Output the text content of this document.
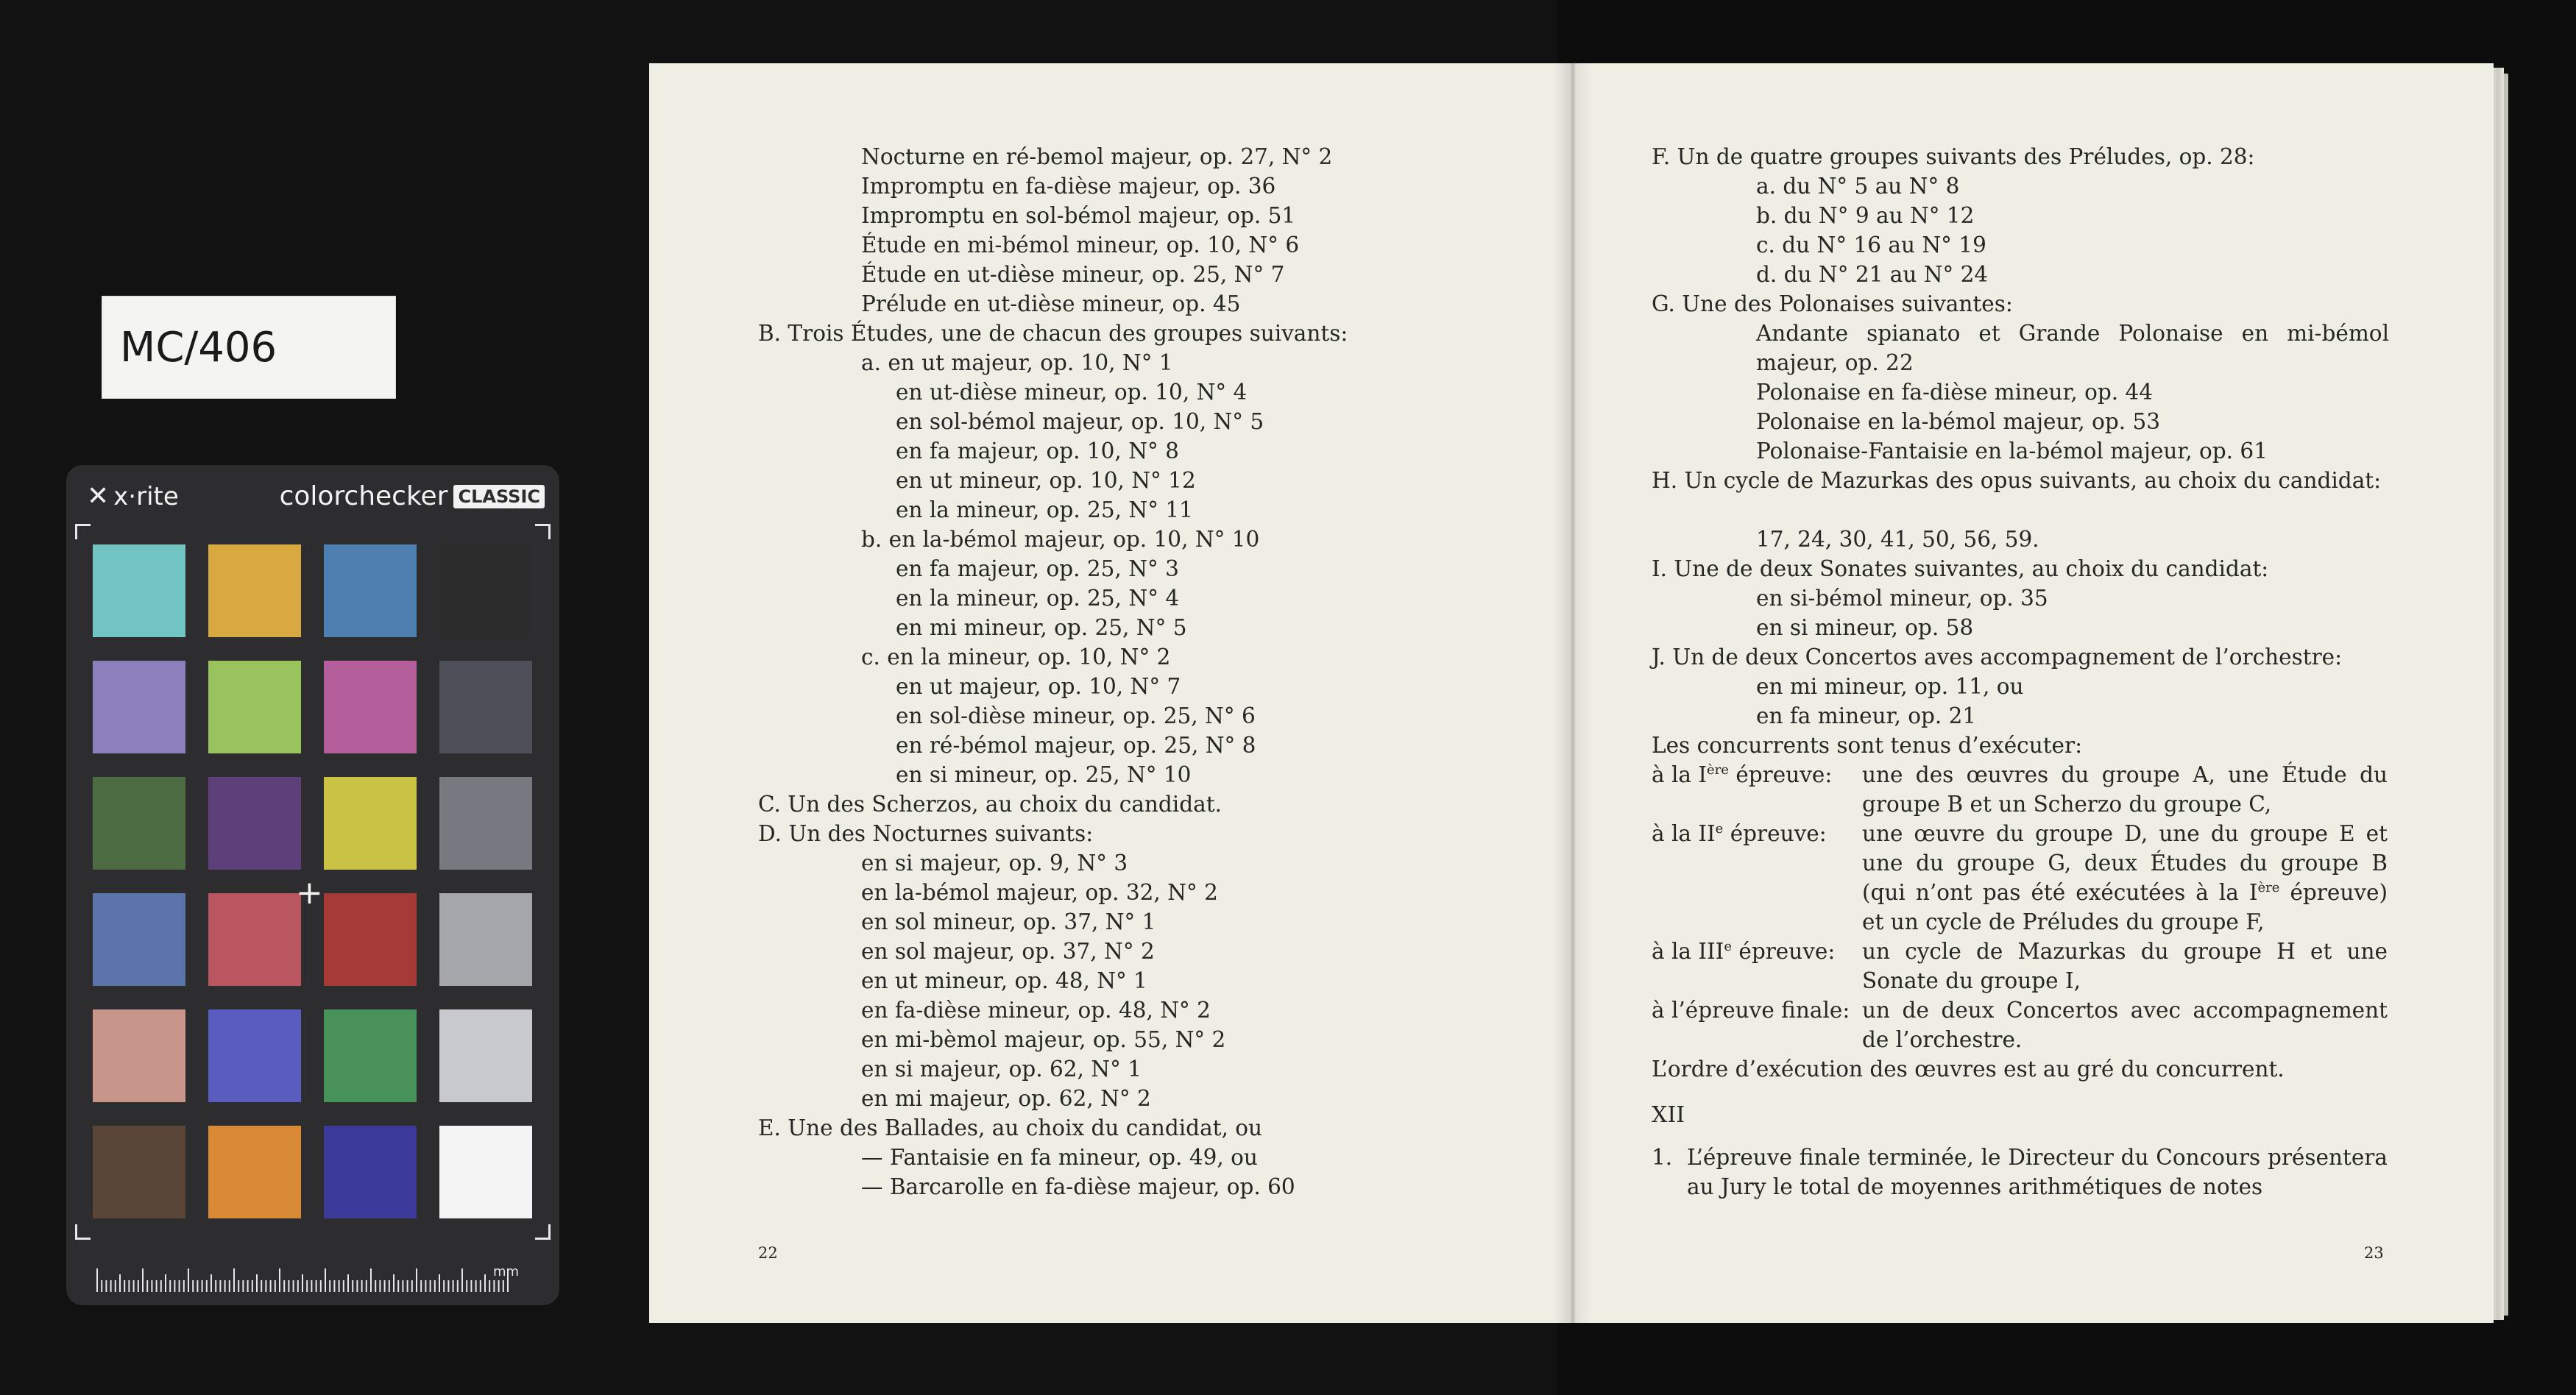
MC/406
✕ x·rite	colorchecker CLASSIC
+
mm
Nocturne en ré-bemol majeur, op. 27, N° 2
Impromptu en fa-dièse majeur, op. 36
Impromptu en sol-bémol majeur, op. 51
Étude en mi-bémol mineur, op. 10, N° 6
Étude en ut-dièse mineur, op. 25, N° 7
Prélude en ut-dièse mineur, op. 45
B. Trois Études, une de chacun des groupes suivants:
a. en ut majeur, op. 10, N° 1
en ut-dièse mineur, op. 10, N° 4
en sol-bémol majeur, op. 10, N° 5
en fa majeur, op. 10, N° 8
en ut mineur, op. 10, N° 12
en la mineur, op. 25, N° 11
b. en la-bémol majeur, op. 10, N° 10
en fa majeur, op. 25, N° 3
en la mineur, op. 25, N° 4
en mi mineur, op. 25, N° 5
c. en la mineur, op. 10, N° 2
en ut majeur, op. 10, N° 7
en sol-dièse mineur, op. 25, N° 6
en ré-bémol majeur, op. 25, N° 8
en si mineur, op. 25, N° 10
C. Un des Scherzos, au choix du candidat.
D. Un des Nocturnes suivants:
en si majeur, op. 9, N° 3
en la-bémol majeur, op. 32, N° 2
en sol mineur, op. 37, N° 1
en sol majeur, op. 37, N° 2
en ut mineur, op. 48, N° 1
en fa-dièse mineur, op. 48, N° 2
en mi-bèmol majeur, op. 55, N° 2
en si majeur, op. 62, N° 1
en mi majeur, op. 62, N° 2
E. Une des Ballades, au choix du candidat, ou
— Fantaisie en fa mineur, op. 49, ou
— Barcarolle en fa-dièse majeur, op. 60
22
F. Un de quatre groupes suivants des Préludes, op. 28:
a. du N° 5 au N° 8
b. du N° 9 au N° 12
c. du N° 16 au N° 19
d. du N° 21 au N° 24
G. Une des Polonaises suivantes:
Andante spianato et Grande Polonaise en mi-bémol majeur, op. 22
Polonaise en fa-dièse mineur, op. 44
Polonaise en la-bémol majeur, op. 53
Polonaise-Fantaisie en la-bémol majeur, op. 61
H. Un cycle de Mazurkas des opus suivants, au choix du candidat:
17, 24, 30, 41, 50, 56, 59.
I. Une de deux Sonates suivantes, au choix du candidat:
en si-bémol mineur, op. 35
en si mineur, op. 58
J. Un de deux Concertos aves accompagnement de l’orchestre:
en mi mineur, op. 11, ou
en fa mineur, op. 21
Les concurrents sont tenus d’exécuter:
à la Ière épreuve: une des œuvres du groupe A, une Étude du groupe B et un Scherzo du groupe C,
à la IIe épreuve: une œuvre du groupe D, une du groupe E et une du groupe G, deux Études du groupe B (qui n’ont pas été exécutées à la Ière épreuve) et un cycle de Préludes du groupe F,
à la IIIe épreuve: un cycle de Mazurkas du groupe H et une Sonate du groupe I,
à l’épreuve finale: un de deux Concertos avec accompagnement de l’orchestre.
L’ordre d’exécution des œuvres est au gré du concurrent.
XII
1. L’épreuve finale terminée, le Directeur du Concours présentera au Jury le total de moyennes arithmétiques de notes
23
